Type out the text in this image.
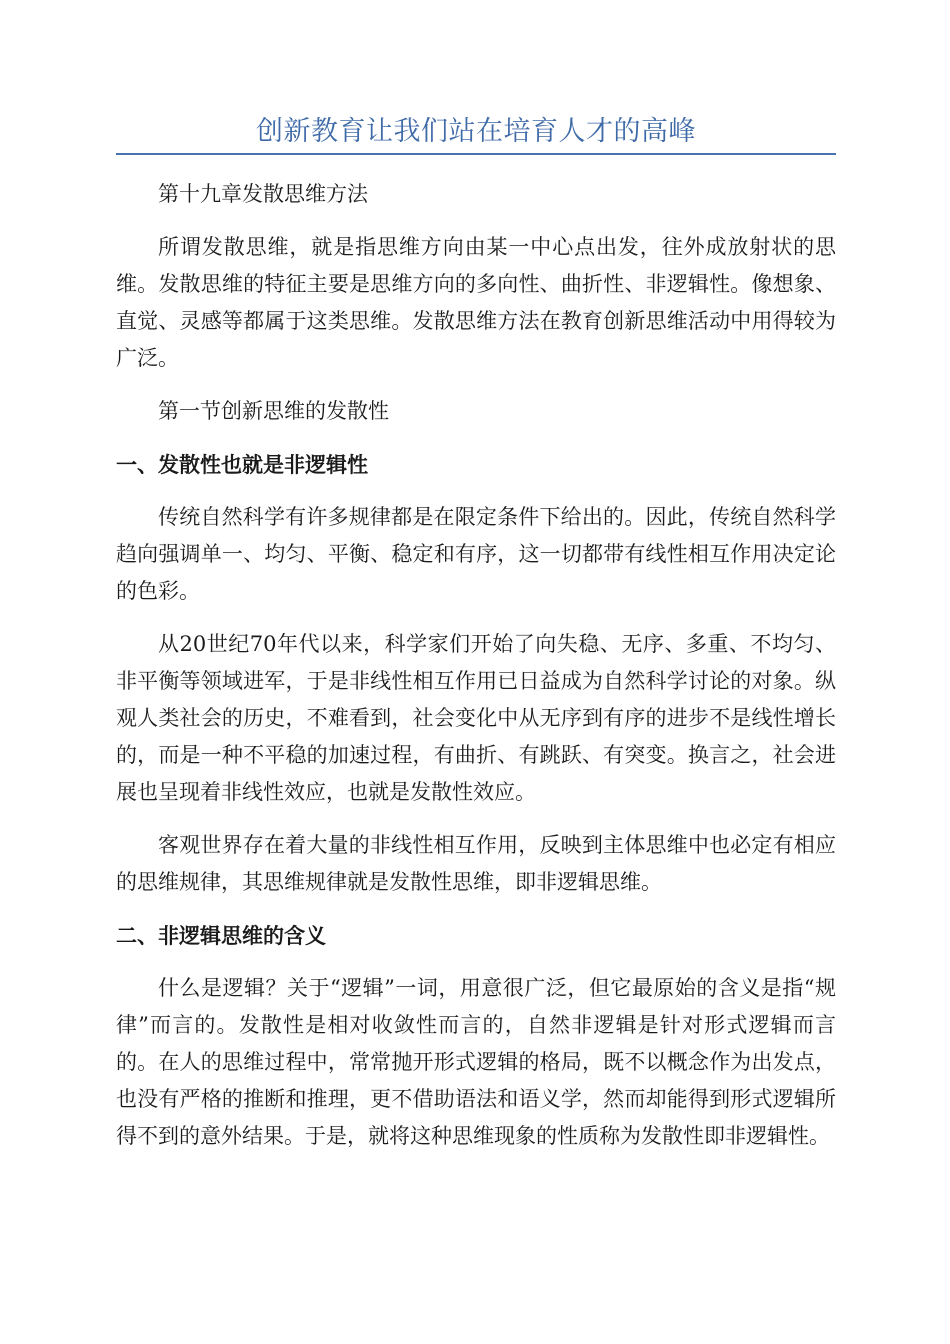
创新教育让我们站在培育人才的高峰

第十九章发散思维方法

所谓发散思维，就是指思维方向由某一中心点出发，往外成放射状的思维。发散思维的特征主要是思维方向的多向性、曲折性、非逻辑性。像想象、直觉、灵感等都属于这类思维。发散思维方法在教育创新思维活动中用得较为广泛。

第一节创新思维的发散性

一、发散性也就是非逻辑性

传统自然科学有许多规律都是在限定条件下给出的。因此，传统自然科学趋向强调单一、均匀、平衡、稳定和有序，这一切都带有线性相互作用决定论的色彩。

从20世纪70年代以来，科学家们开始了向失稳、无序、多重、不均匀、非平衡等领域进军，于是非线性相互作用已日益成为自然科学讨论的对象。纵观人类社会的历史，不难看到，社会变化中从无序到有序的进步不是线性增长的，而是一种不平稳的加速过程，有曲折、有跳跃、有突变。换言之，社会进展也呈现着非线性效应，也就是发散性效应。

客观世界存在着大量的非线性相互作用，反映到主体思维中也必定有相应的思维规律，其思维规律就是发散性思维，即非逻辑思维。

二、非逻辑思维的含义

什么是逻辑？关于“逻辑”一词，用意很广泛，但它最原始的含义是指“规律”而言的。发散性是相对收敛性而言的，自然非逻辑是针对形式逻辑而言的。在人的思维过程中，常常抛开形式逻辑的格局，既不以概念作为出发点，也没有严格的推断和推理，更不借助语法和语义学，然而却能得到形式逻辑所得不到的意外结果。于是，就将这种思维现象的性质称为发散性即非逻辑性。
